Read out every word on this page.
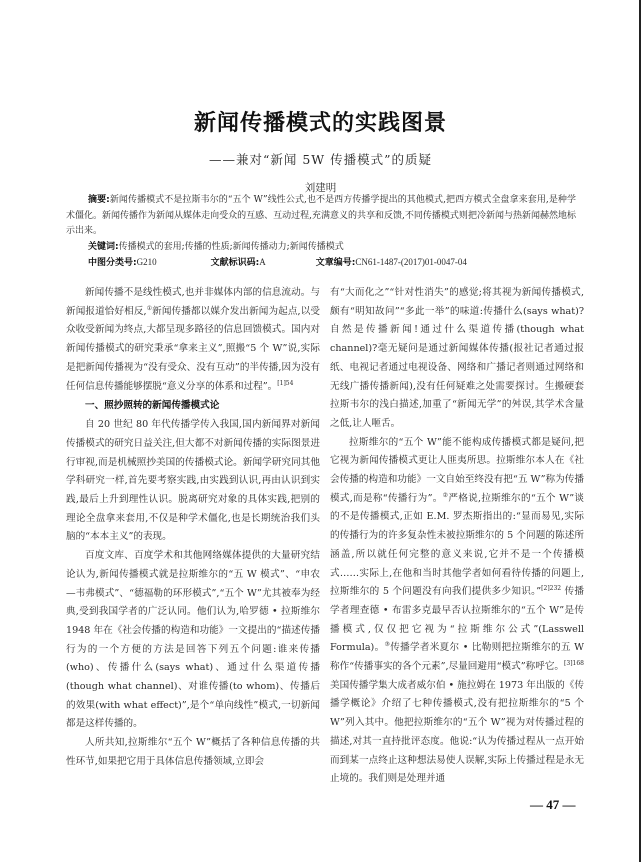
新闻传播模式的实践图景
——兼对“新闻 5W 传播模式”的质疑
刘建明

摘要:新闻传播模式不是拉斯韦尔的“五个 W”线性公式,也不是西方传播学提出的其他模式,把西方模式全盘拿来套用,是种学术僵化。新闻传播作为新闻从媒体走向受众的互感、互动过程,充满意义的共享和反馈,不同传播模式则把冷新闻与热新闻赫然地标示出来。

关键词:传播模式的套用;传播的性质;新闻传播动力;新闻传播模式

中图分类号:G210	文献标识码:A	文章编号:CN61-1487-(2017)01-0047-04

新闻传播不是线性模式,也并非媒体内部的信息流动。与新闻报道恰好相反,①新闻传播都以媒介发出新闻为起点,以受众收受新闻为终点,大都呈现多路径的信息回馈模式。国内对新闻传播模式的研究秉承“拿来主义”,照搬“5 个 W”说,实际是把新闻传播视为“没有受众、没有互动”的半传播,因为没有任何信息传播能够摆脱“意义分享的体系和过程”。$^{[1]54}$

一、照抄照转的新闻传播模式论

自 20 世纪 80 年代传播学传入我国,国内新闻界对新闻传播模式的研究日益关注,但大都不对新闻传播的实际图景进行审视,而是机械照抄美国的传播模式论。新闻学研究同其他学科研究一样,首先要考察实践,由实践到认识,再由认识到实践,最后上升到理性认识。脱离研究对象的具体实践,把别的理论全盘拿来套用,不仅是种学术僵化,也是长期统治我们头脑的“本本主义”的表现。

百度文库、百度学术和其他网络媒体提供的大量研究结论认为,新闻传播模式就是拉斯维尔的“五 W 模式”、“申农—韦弗模式”、“德福勒的环形模式”,“五个 W”尤其被奉为经典,受到我国学者的广泛认同。他们认为,哈罗德 • 拉斯维尔 1948 年在《社会传播的构造和功能》一文提出的“描述传播行为的一个方便的方法是回答下列五个问题:谁来传播(who)、传播什么(says what)、通过什么渠道传播(though what channel)、对谁传播(to whom)、传播后的效果(with what effect)”,是个“单向线性”模式,一切新闻都是这样传播的。

人所共知,拉斯维尔“五个 W”概括了各种信息传播的共性环节,如果把它用于具体信息传播领域,立即会

有“大而化之”“针对性消失”的感觉;将其视为新闻传播模式,颇有“明知故问”“多此一举”的味道:传播什么(says what)?自然是传播新闻!通过什么渠道传播(though what channel)?毫无疑问是通过新闻媒体传播(报社记者通过报纸、电视记者通过电视设备、网络和广播记者则通过网络和无线广播传播新闻),没有任何疑难之处需要探讨。生搬硬套拉斯韦尔的浅白描述,加重了“新闻无学”的舛误,其学术含量之低,让人咂舌。

拉斯维尔的“五个 W”能不能构成传播模式都是疑问,把它视为新闻传播模式更让人匪夷所思。拉斯维尔本人在《社会传播的构造和功能》一文自始至终没有把“五 W”称为传播模式,而是称“传播行为”。②严格说,拉斯维尔的“五个 W”谈的不是传播模式,正如 E.M. 罗杰斯指出的:“显而易见,实际的传播行为的许多复杂性未被拉斯维尔的 5 个问题的陈述所涵盖,所以就任何完整的意义来说,它并不是一个传播模式……实际上,在他和当时其他学者如何看待传播的问题上,拉斯维尔的 5 个问题没有向我们提供多少知识。”$^{[2]232}$ 传播学者理查德 • 布雷多克最早否认拉斯维尔的“五个 W”是传播模式,仅仅把它视为“拉斯维尔公式”(Lasswell Formula)。③传播学者米夏尔 • 比勒则把拉斯维尔的五 W 称作“传播事实的各个元素”,尽量回避用“模式”称呼它。$^{[3]168}$ 美国传播学集大成者威尔伯 • 施拉姆在 1973 年出版的《传播学概论》介绍了七种传播模式,没有把拉斯维尔的“5 个 W”列入其中。他把拉斯维尔的“五个 W”视为对传播过程的描述,对其一直持批评态度。他说:“认为传播过程从一点开始而到某一点终止这种想法易使人误解,实际上传播过程是永无止境的。我们则是处理并通

— 47 —
